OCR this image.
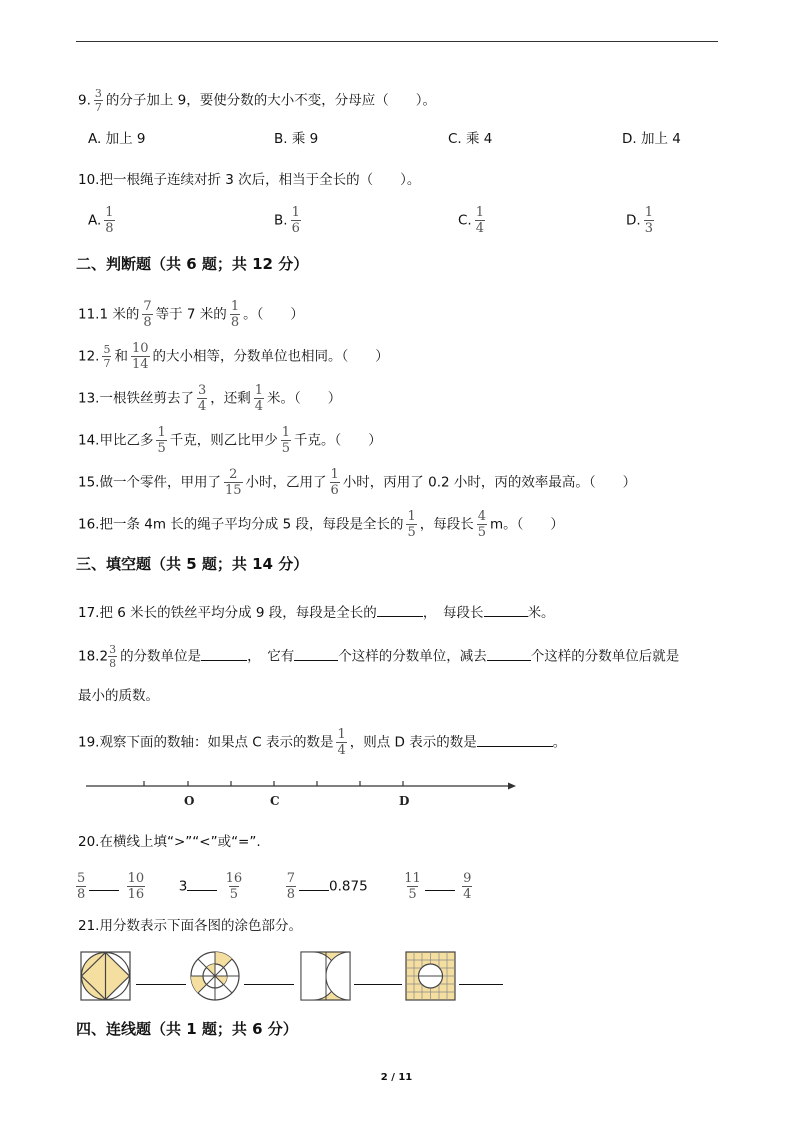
9. $\frac{3}{7}$ 的分子加上 9，要使分数的大小不变，分母应（　　）。
A. 加上 9	B. 乘 9	C. 乘 4	D. 加上 4
10.把一根绳子连续对折 3 次后，相当于全长的（　　）。
A. $\frac{1}{8}$	B. $\frac{1}{6}$	C. $\frac{1}{4}$	D. $\frac{1}{3}$
二、判断题（共 6 题；共 12 分）
11.1 米的 $\frac{7}{8}$ 等于 7 米的 $\frac{1}{8}$ 。（　　）
12. $\frac{5}{7}$ 和 $\frac{10}{14}$ 的大小相等，分数单位也相同。（　　）
13.一根铁丝剪去了 $\frac{3}{4}$ ，还剩 $\frac{1}{4}$ 米。（　　）
14.甲比乙多 $\frac{1}{5}$ 千克，则乙比甲少 $\frac{1}{5}$ 千克。（　　）
15.做一个零件，甲用了 $\frac{2}{15}$ 小时，乙用了 $\frac{1}{6}$ 小时，丙用了 0.2 小时，丙的效率最高。（　　）
16.把一条 4m 长的绳子平均分成 5 段，每段是全长的 $\frac{1}{5}$ ，每段长 $\frac{4}{5}$ m。（　　）
三、填空题（共 5 题；共 14 分）
17.把 6 米长的铁丝平均分成 9 段，每段是全长的	，　每段长	米。
$18.2 \frac{3}{8}$ 的分数单位是	，　它有	个这样的分数单位，减去	个这样的分数单位后就是
最小的质数。
19.观察下面的数轴：如果点 C 表示的数是 $\frac{1}{4}$ ，则点 D 表示的数是	。
O	C	D
20.在横线上填“>”“<”或“=”.
$\frac{5}{8}$
	$\frac{10}{16} 3$	$\frac{16}{5}$
	$\frac{7}{8} 0.875$	$\frac{11}{5}$
	$\frac{9}{4}$
21.用分数表示下面各图的涂色部分。
四、连线题（共 1 题；共 6 分）
2 / 11
